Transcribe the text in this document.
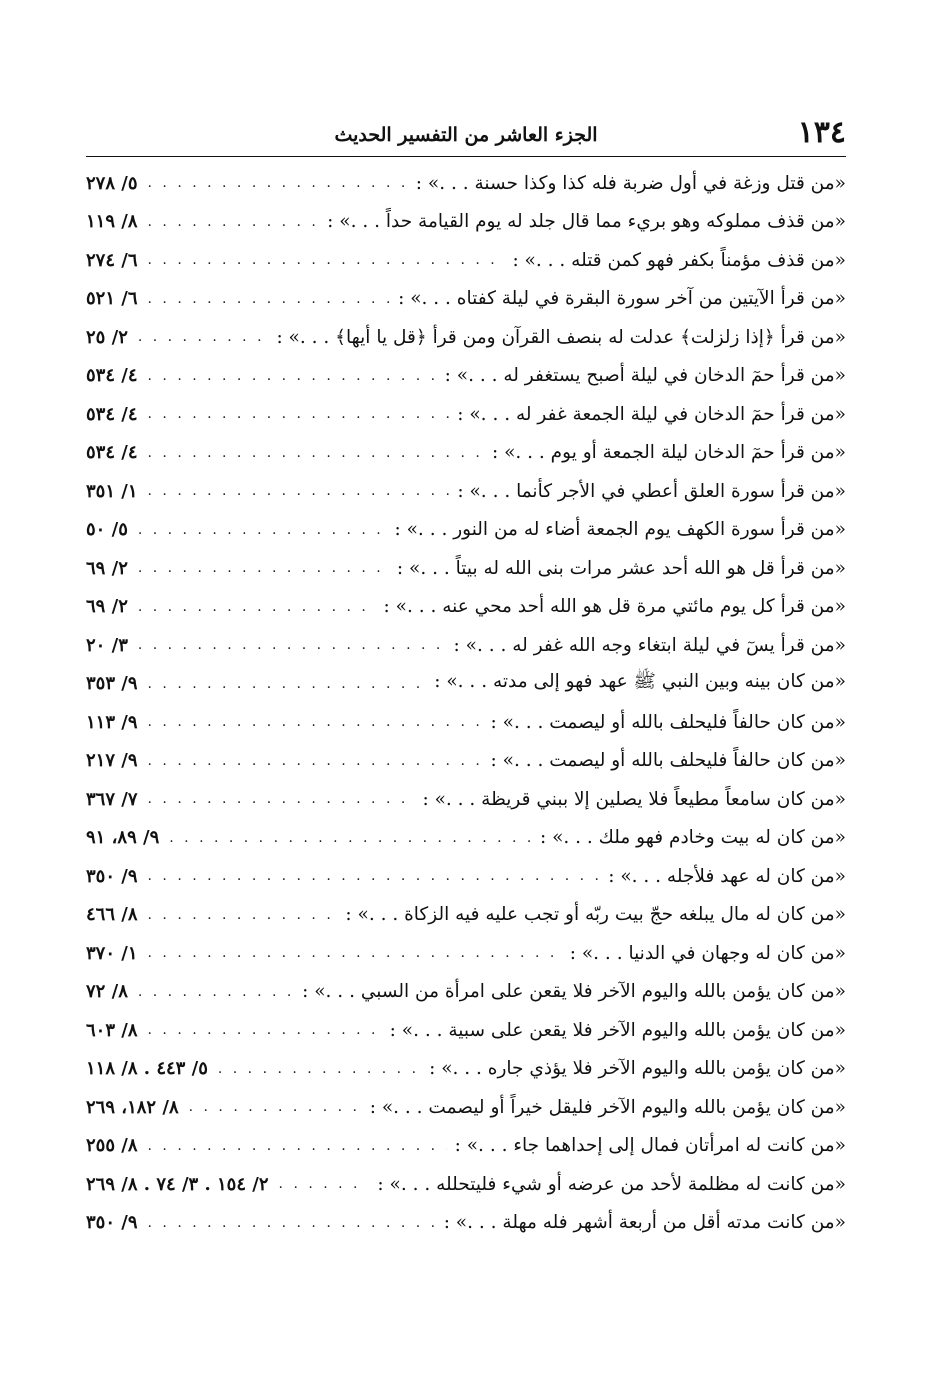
١٣٤
الجزء العاشر من التفسير الحديث
«من قتل وزغة في أول ضربة فله كذا وكذا حسنة . . .» :
. . .
٥/ ٢٧٨
«من قذف مملوكه وهو بريء مما قال جلد له يوم القيامة حداً . . .» :
. . .
٨/ ١١٩
«من قذف مؤمناً بكفر فهو كمن قتله . . .» :
. . .
٦/ ٢٧٤
«من قرأ الآيتين من آخر سورة البقرة في ليلة كفتاه . . .» :
. . .
٦/ ٥٢١
«من قرأ ﴿إذا زلزلت﴾ عدلت له بنصف القرآن ومن قرأ ﴿قل يا أيها﴾ . . .» :
. . .
٢/ ٢٥
«من قرأ حمٓ الدخان في ليلة أصبح يستغفر له . . .» :
. . .
٤/ ٥٣٤
«من قرأ حمٓ الدخان في ليلة الجمعة غفر له . . .» :
. . .
٤/ ٥٣٤
«من قرأ حمٓ الدخان ليلة الجمعة أو يوم . . .» :
. . .
٤/ ٥٣٤
«من قرأ سورة العلق أعطي في الأجر كأنما . . .» :
. . .
١/ ٣٥١
«من قرأ سورة الكهف يوم الجمعة أضاء له من النور . . .» :
. . .
٥/ ٥٠
«من قرأ قل هو الله أحد عشر مرات بنى الله له بيتاً . . .» :
. . .
٢/ ٦٩
«من قرأ كل يوم مائتي مرة قل هو الله أحد محي عنه . . .» :
. . .
٢/ ٦٩
«من قرأ يسٓ في ليلة ابتغاء وجه الله غفر له . . .» :
. . .
٣/ ٢٠
«من كان بينه وبين النبي ﷺ عهد فهو إلى مدته . . .» :
. . .
٩/ ٣٥٣
«من كان حالفاً فليحلف بالله أو ليصمت . . .» :
. . .
٩/ ١١٣
«من كان حالفاً فليحلف بالله أو ليصمت . . .» :
. . .
٩/ ٢١٧
«من كان سامعاً مطيعاً فلا يصلين إلا ببني قريظة . . .» :
. . .
٧/ ٣٦٧
«من كان له بيت وخادم فهو ملك . . .» :
. . .
٩/ ٨٩، ٩١
«من كان له عهد فلأجله . . .» :
. . .
٩/ ٣٥٠
«من كان له مال يبلغه حجّ بيت ربّه أو تجب عليه فيه الزكاة . . .» :
. . .
٨/ ٤٦٦
«من كان له وجهان في الدنيا . . .» :
. . .
١/ ٣٧٠
«من كان يؤمن بالله واليوم الآخر فلا يقعن على امرأة من السبي . . .» :
. . .
٨/ ٧٢
«من كان يؤمن بالله واليوم الآخر فلا يقعن على سبية . . .» :
. . .
٨/ ٦٠٣
«من كان يؤمن بالله واليوم الآخر فلا يؤذي جاره . . .» :
. . .
٥/ ٤٤٣ . ٨/ ١١٨
«من كان يؤمن بالله واليوم الآخر فليقل خيراً أو ليصمت . . .» :
. . .
٨/ ١٨٢، ٢٦٩
«من كانت له امرأتان فمال إلى إحداهما جاء . . .» :
. . .
٨/ ٢٥٥
«من كانت له مظلمة لأحد من عرضه أو شيء فليتحلله . . .» :
. . .
٢/ ١٥٤ . ٣/ ٧٤ . ٨/ ٢٦٩
«من كانت مدته أقل من أربعة أشهر فله مهلة . . .» :
. . .
٩/ ٣٥٠
